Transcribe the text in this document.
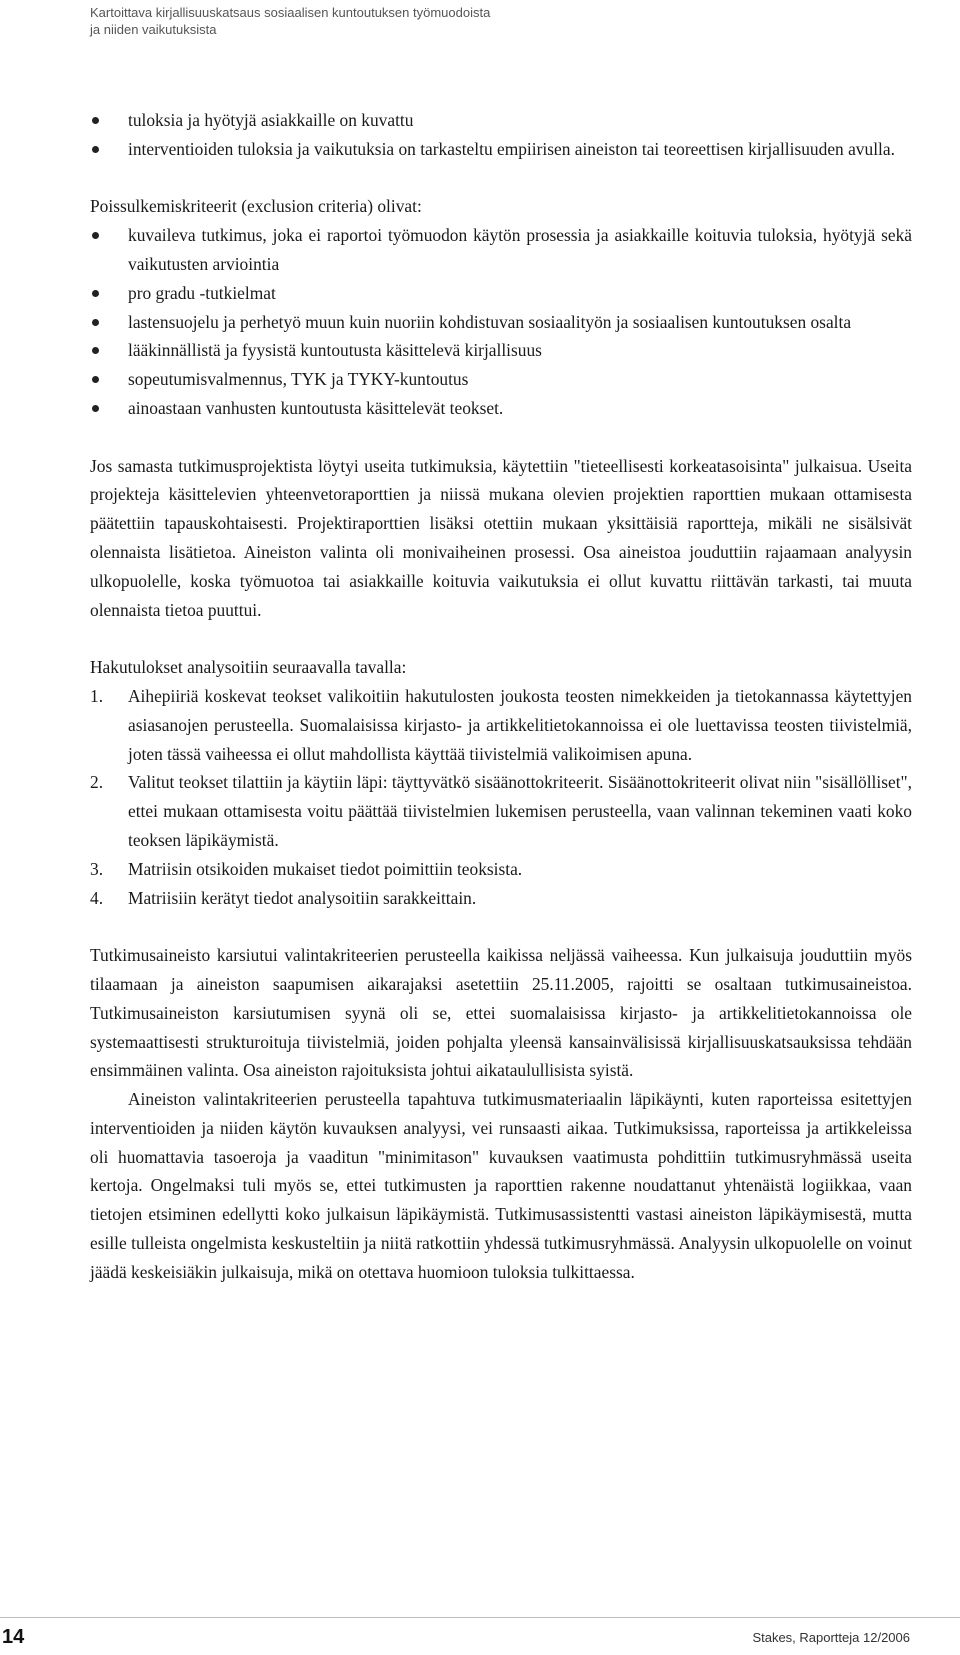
Kartoittava kirjallisuuskatsaus sosiaalisen kuntoutuksen työmuodoista
ja niiden vaikutuksista
tuloksia ja hyötyjä asiakkaille on kuvattu
interventioiden tuloksia ja vaikutuksia on tarkasteltu empiirisen aineiston tai teoreettisen kirjallisuuden avulla.

Poissulkemiskriteerit (exclusion criteria) olivat:

kuvaileva tutkimus, joka ei raportoi työmuodon käytön prosessia ja asiakkaille koituvia tuloksia, hyötyjä sekä vaikutusten arviointia
pro gradu -tutkielmat
lastensuojelu ja perhetyö muun kuin nuoriin kohdistuvan sosiaalityön ja sosiaalisen kuntoutuksen osalta
lääkinnällistä ja fyysistä kuntoutusta käsittelevä kirjallisuus
sopeutumisvalmennus, TYK ja TYKY-kuntoutus
ainoastaan vanhusten kuntoutusta käsittelevät teokset.

Jos samasta tutkimusprojektista löytyi useita tutkimuksia, käytettiin "tieteellisesti korkeatasoisinta" julkaisua. Useita projekteja käsittelevien yhteenvetoraporttien ja niissä mukana olevien projektien raporttien mukaan ottamisesta päätettiin tapauskohtaisesti. Projektiraporttien lisäksi otettiin mukaan yksittäisiä raportteja, mikäli ne sisälsivät olennaista lisätietoa. Aineiston valinta oli monivaiheinen prosessi. Osa aineistoa jouduttiin rajaamaan analyysin ulkopuolelle, koska työmuotoa tai asiakkaille koituvia vaikutuksia ei ollut kuvattu riittävän tarkasti, tai muuta olennaista tietoa puuttui.

Hakutulokset analysoitiin seuraavalla tavalla:

1. Aihepiiriä koskevat teokset valikoitiin hakutulosten joukosta teosten nimekkeiden ja tietokannassa käytettyjen asiasanojen perusteella. Suomalaisissa kirjasto- ja artikkelitietokannoissa ei ole luettavissa teosten tiivistelmiä, joten tässä vaiheessa ei ollut mahdollista käyttää tiivistelmiä valikoimisen apuna.
2. Valitut teokset tilattiin ja käytiin läpi: täyttyvätkö sisäänottokriteerit. Sisäänottokriteerit olivat niin "sisällölliset", ettei mukaan ottamisesta voitu päättää tiivistelmien lukemisen perusteella, vaan valinnan tekeminen vaati koko teoksen läpikäymistä.
3. Matriisin otsikoiden mukaiset tiedot poimittiin teoksista.
4. Matriisiin kerätyt tiedot analysoitiin sarakkeittain.

Tutkimusaineisto karsiutui valintakriteerien perusteella kaikissa neljässä vaiheessa. Kun julkaisuja jouduttiin myös tilaamaan ja aineiston saapumisen aikarajaksi asetettiin 25.11.2005, rajoitti se osaltaan tutkimusaineistoa. Tutkimusaineiston karsiutumisen syynä oli se, ettei suomalaisissa kirjasto- ja artikkelitietokannoissa ole systemaattisesti strukturoituja tiivistelmiä, joiden pohjalta yleensä kansainvälisissä kirjallisuuskatsauksissa tehdään ensimmäinen valinta. Osa aineiston rajoituksista johtui aikataulullisista syistä.

Aineiston valintakriteerien perusteella tapahtuva tutkimusmateriaalin läpikäynti, kuten raporteissa esitettyjen interventioiden ja niiden käytön kuvauksen analyysi, vei runsaasti aikaa. Tutkimuksissa, raporteissa ja artikkeleissa oli huomattavia tasoeroja ja vaaditun "minimitason" kuvauksen vaatimusta pohdittiin tutkimusryhmässä useita kertoja. Ongelmaksi tuli myös se, ettei tutkimusten ja raporttien rakenne noudattanut yhtenäistä logiikkaa, vaan tietojen etsiminen edellytti koko julkaisun läpikäymistä. Tutkimusassistentti vastasi aineiston läpikäymisestä, mutta esille tulleista ongelmista keskusteltiin ja niitä ratkottiin yhdessä tutkimusryhmässä. Analyysin ulkopuolelle on voinut jäädä keskeisiäkin julkaisuja, mikä on otettava huomioon tuloksia tulkittaessa.

14	Stakes, Raportteja 12/2006
